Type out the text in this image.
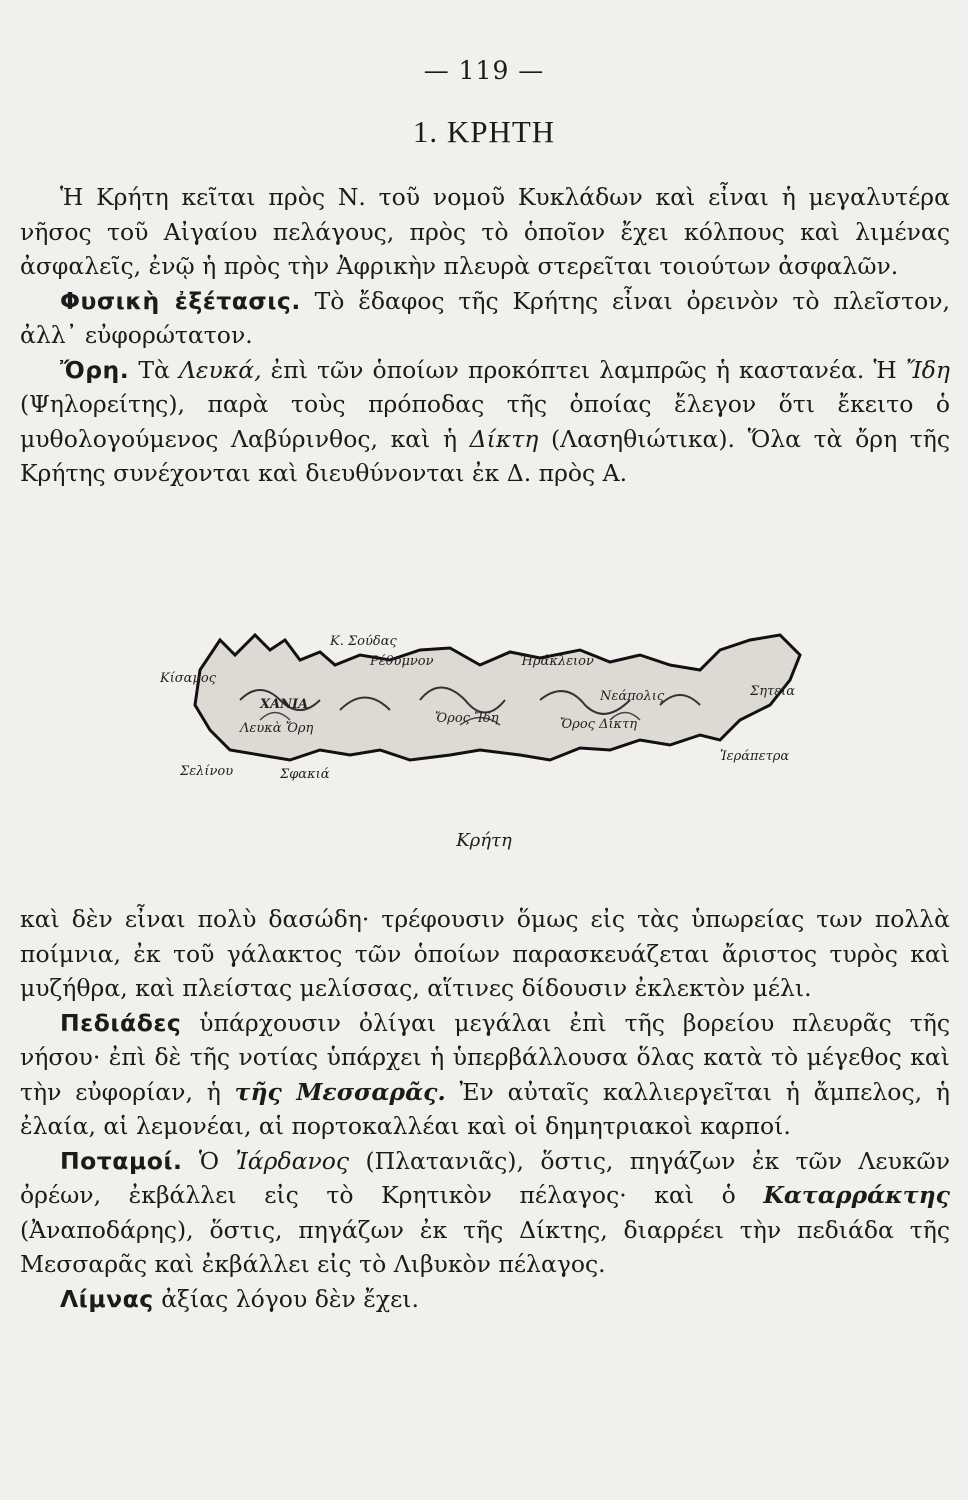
— 119 —
1. ΚΡΗΤΗ

Ἡ Κρήτη κεῖται πρὸς Ν. τοῦ νομοῦ Κυκλάδων καὶ εἶναι ἡ μεγαλυτέρα νῆσος τοῦ Αἰγαίου πελάγους, πρὸς τὸ ὁποῖον ἔχει κόλπους καὶ λιμένας ἀσφαλεῖς, ἐνῷ ἡ πρὸς τὴν Ἀφρικὴν πλευρὰ στερεῖται τοιούτων ἀσφαλῶν.

Φυσικὴ ἐξέτασις. Τὸ ἔδαφος τῆς Κρήτης εἶναι ὀρεινὸν τὸ πλεῖστον, ἀλλ᾽ εὐφορώτατον.

Ὄρη. Τὰ Λευκά, ἐπὶ τῶν ὁποίων προκόπτει λαμπρῶς ἡ καστανέα. Ἡ Ἴδη (Ψηλορείτης), παρὰ τοὺς πρόποδας τῆς ὁποίας ἔλεγον ὅτι ἔκειτο ὁ μυθολογούμενος Λαβύρινθος, καὶ ἡ Δίκτη (Λασηθιώτικα). Ὅλα τὰ ὄρη τῆς Κρήτης συνέχονται καὶ διευθύνονται ἐκ Δ. πρὸς Α.

Κίσαμος
ΧΑΝΙΑ
Κ. Σούδας
Ρέθυμνον	Ἡράκλειον
Λευκὰ Ὄρη
Ὄρος Ἴδη
Νεάπολις
Ὄρος Δίκτη
Σητεία
Σελίνου	Σφακιά
Ἱεράπετρα
Κρήτη

καὶ δὲν εἶναι πολὺ δασώδη· τρέφουσιν ὅμως εἰς τὰς ὑπωρείας των πολλὰ ποίμνια, ἐκ τοῦ γάλακτος τῶν ὁποίων παρασκευάζεται ἄριστος τυρὸς καὶ μυζήθρα, καὶ πλείστας μελίσσας, αἵτινες δίδουσιν ἐκλεκτὸν μέλι.

Πεδιάδες ὑπάρχουσιν ὀλίγαι μεγάλαι ἐπὶ τῆς βορείου πλευρᾶς τῆς νήσου· ἐπὶ δὲ τῆς νοτίας ὑπάρχει ἡ ὑπερβάλλουσα ὅλας κατὰ τὸ μέγεθος καὶ τὴν εὐφορίαν, ἡ τῆς Μεσσαρᾶς. Ἐν αὐταῖς καλλιεργεῖται ἡ ἄμπελος, ἡ ἐλαία, αἱ λεμονέαι, αἱ πορτοκαλλέαι καὶ οἱ δημητριακοὶ καρποί.

Ποταμοί. Ὁ Ἰάρδανος (Πλατανιᾶς), ὅστις, πηγάζων ἐκ τῶν Λευκῶν ὀρέων, ἐκβάλλει εἰς τὸ Κρητικὸν πέλαγος· καὶ ὁ Καταρράκτης (Ἀναποδάρης), ὅστις, πηγάζων ἐκ τῆς Δίκτης, διαρρέει τὴν πεδιάδα τῆς Μεσσαρᾶς καὶ ἐκβάλλει εἰς τὸ Λιβυκὸν πέλαγος.

Λίμνας ἀξίας λόγου δὲν ἔχει.
